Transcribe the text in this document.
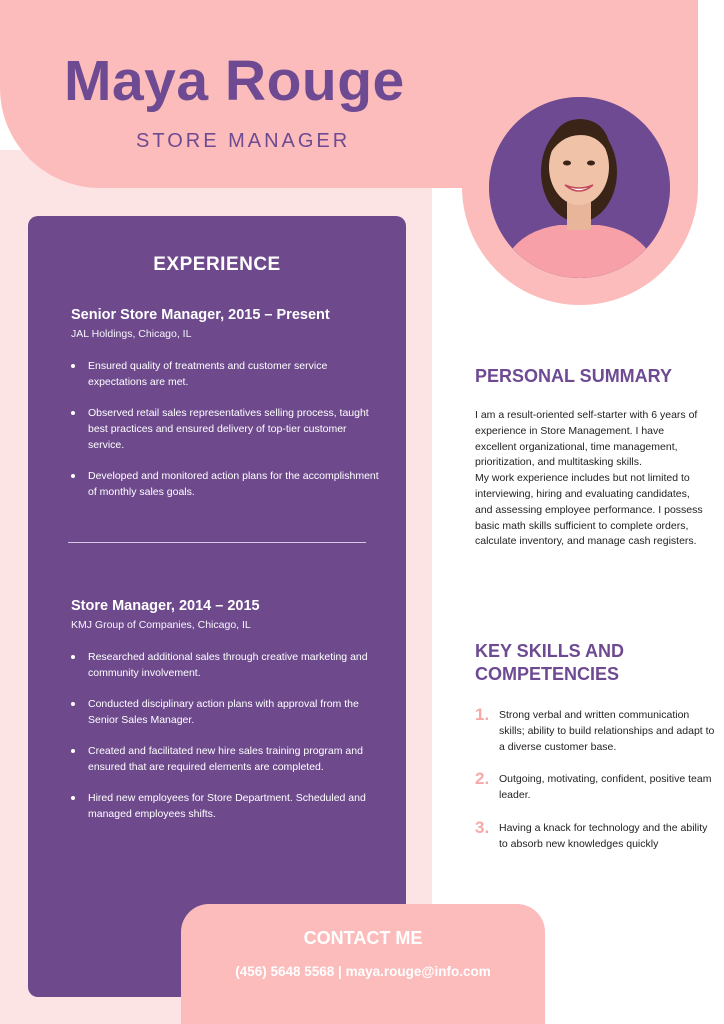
Maya Rouge
STORE MANAGER
EXPERIENCE
Senior Store Manager, 2015 – Present
JAL Holdings, Chicago, IL
Ensured quality of treatments and customer service expectations are met.
Observed retail sales representatives selling process, taught best practices and ensured delivery of top-tier customer service.
Developed and monitored action plans for the accomplishment of monthly sales goals.
Store Manager, 2014 – 2015
KMJ Group of Companies, Chicago, IL
Researched additional sales through creative marketing and community involvement.
Conducted disciplinary action plans with approval from the Senior Sales Manager.
Created and facilitated new hire sales training program and ensured that are required elements are completed.
Hired new employees for Store Department. Scheduled and managed employees shifts.
PERSONAL SUMMARY

I am a result-oriented self-starter with 6 years of experience in Store Management. I have excellent organizational, time management, prioritization, and multitasking skills.

My work experience includes but not limited to interviewing, hiring and evaluating candidates, and assessing employee performance. I possess basic math skills sufficient to complete orders, calculate inventory, and manage cash registers.

KEY SKILLS AND
COMPETENCIES
1. Strong verbal and written communication skills; ability to build relationships and adapt to a diverse customer base.
2. Outgoing, motivating, confident, positive team leader.
3. Having a knack for technology and the ability to absorb new knowledges quickly
CONTACT ME
(456) 5648 5568 | maya.rouge@info.com
